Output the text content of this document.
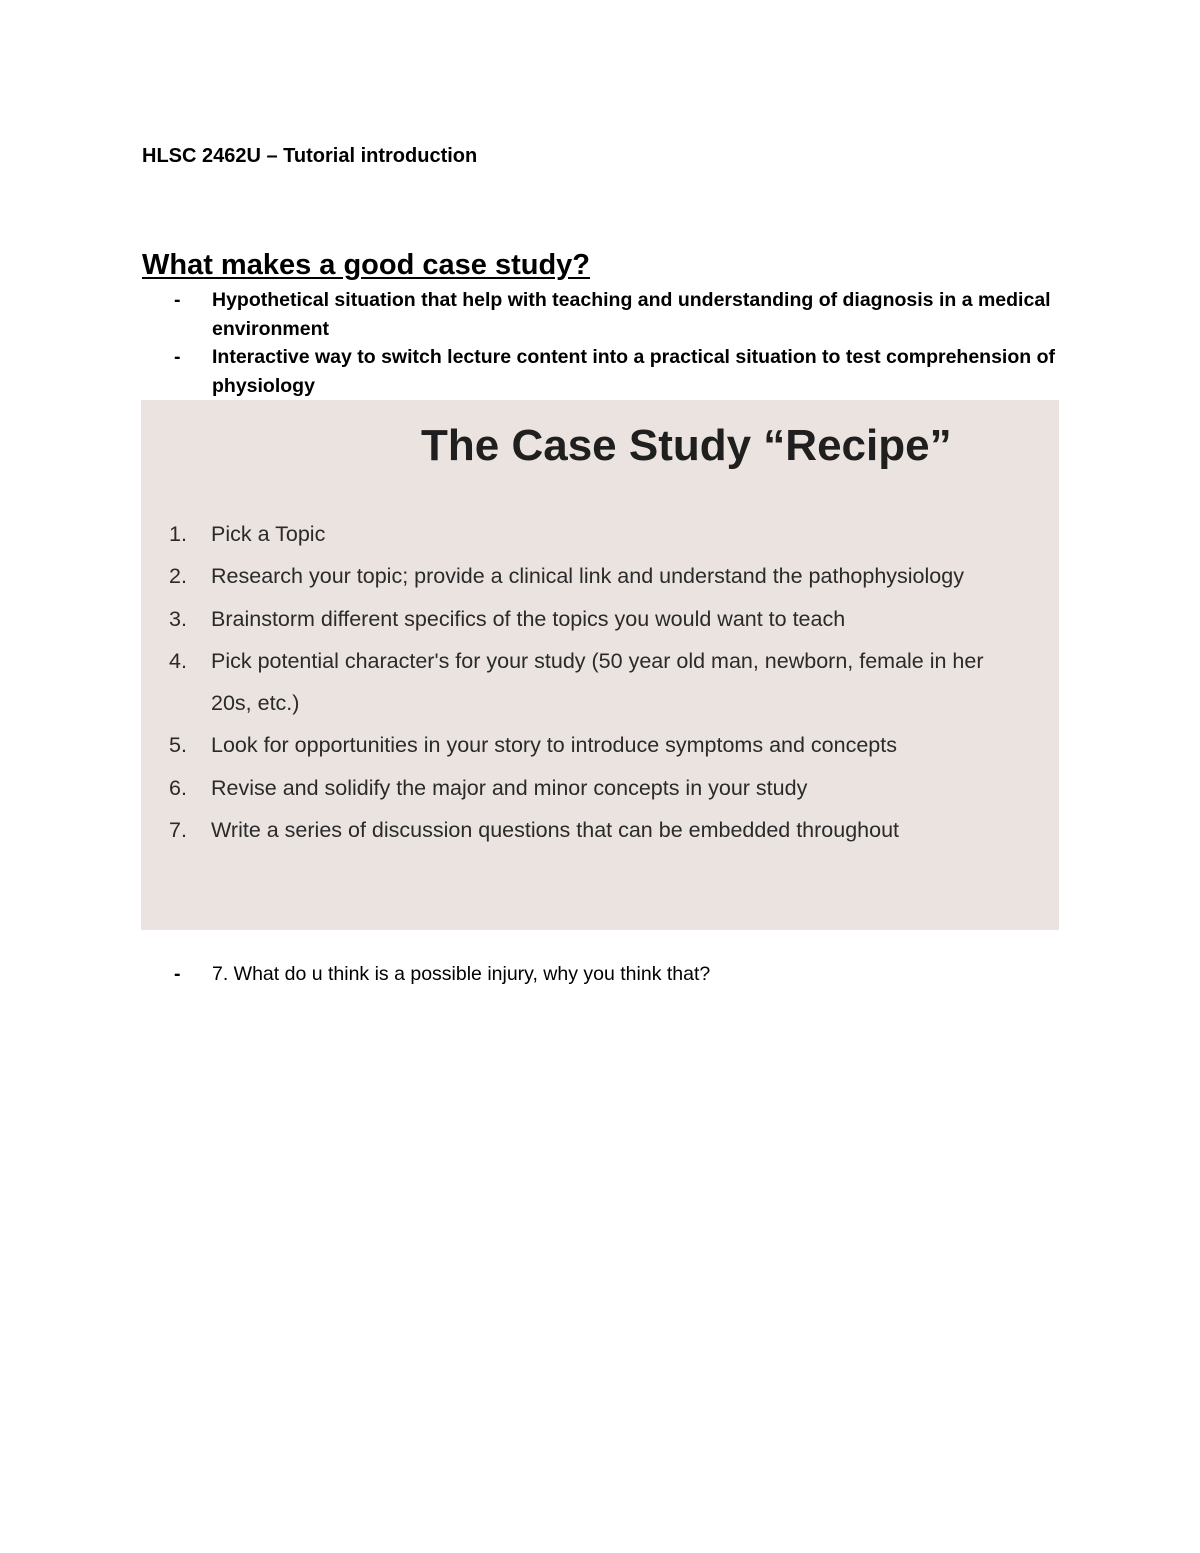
HLSC 2462U – Tutorial introduction
What makes a good case study?
- Hypothetical situation that help with teaching and understanding of diagnosis in a medical environment
- Interactive way to switch lecture content into a practical situation to test comprehension of physiology
The Case Study “Recipe”
1. Pick a Topic
2. Research your topic; provide a clinical link and understand the pathophysiology
3. Brainstorm different specifics of the topics you would want to teach
4. Pick potential character's for your study (50 year old man, newborn, female in her 20s, etc.)
5. Look for opportunities in your story to introduce symptoms and concepts
6. Revise and solidify the major and minor concepts in your study
7. Write a series of discussion questions that can be embedded throughout
- 7. What do u think is a possible injury, why you think that?
